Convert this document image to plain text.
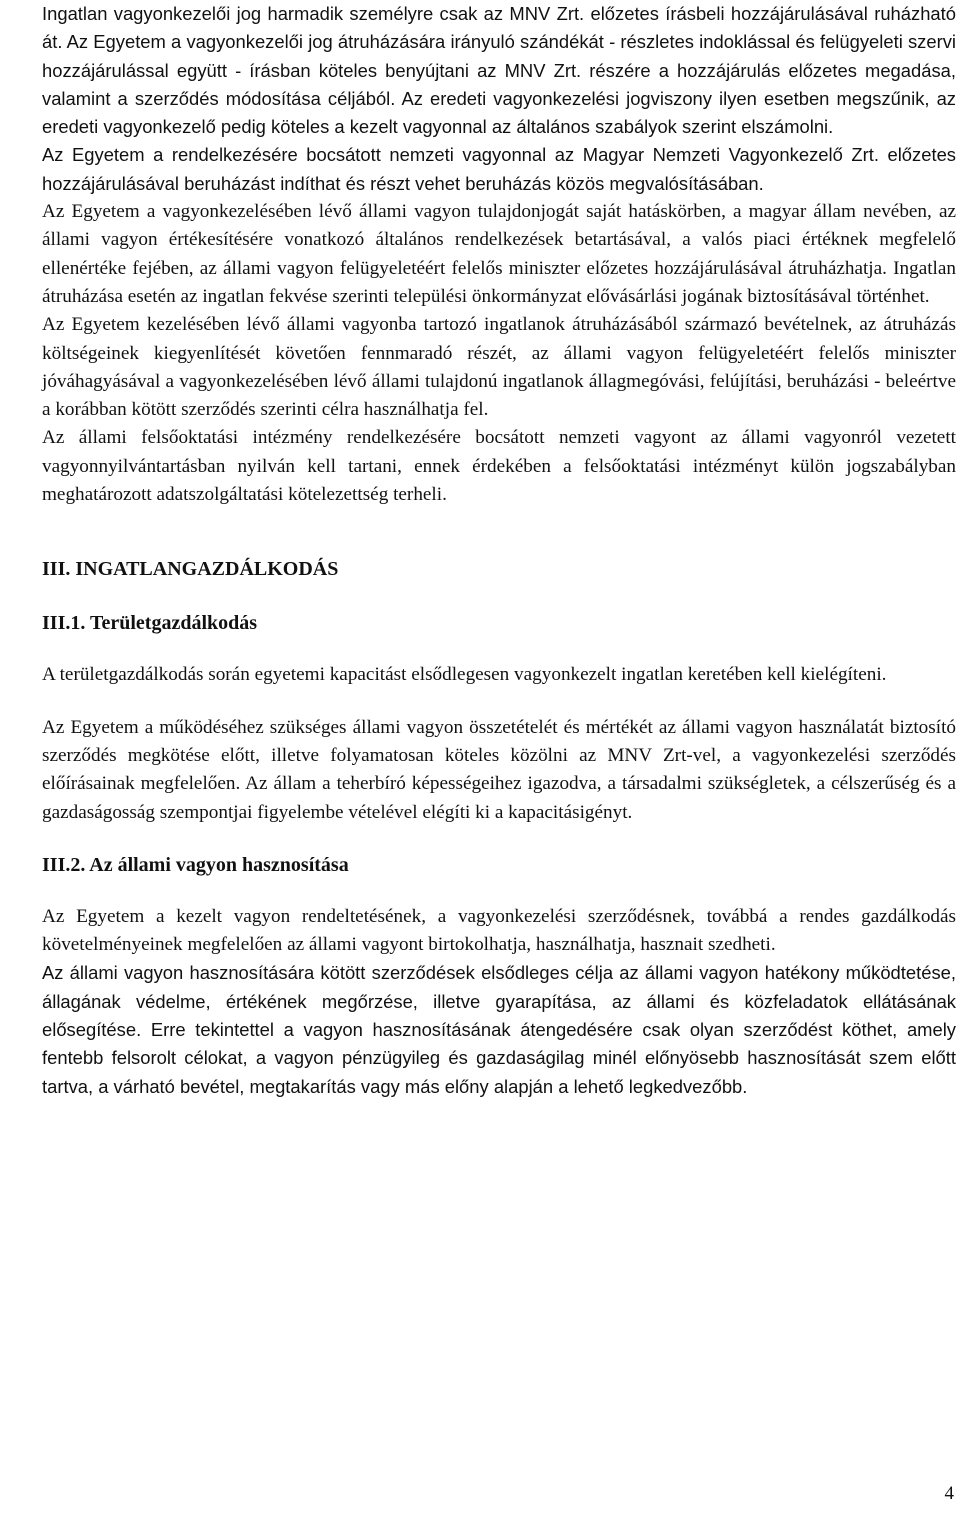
Ingatlan vagyonkezelői jog harmadik személyre csak az MNV Zrt. előzetes írásbeli hozzájárulásával ruházható át. Az Egyetem a vagyonkezelői jog átruházására irányuló szándékát - részletes indoklással és felügyeleti szervi hozzájárulással együtt - írásban köteles benyújtani az MNV Zrt. részére a hozzájárulás előzetes megadása, valamint a szerződés módosítása céljából. Az eredeti vagyonkezelési jogviszony ilyen esetben megszűnik, az eredeti vagyonkezelő pedig köteles a kezelt vagyonnal az általános szabályok szerint elszámolni.

Az Egyetem a rendelkezésére bocsátott nemzeti vagyonnal az Magyar Nemzeti Vagyonkezelő Zrt. előzetes hozzájárulásával beruházást indíthat és részt vehet beruházás közös megvalósításában.

Az Egyetem a vagyonkezelésében lévő állami vagyon tulajdonjogát saját hatáskörben, a magyar állam nevében, az állami vagyon értékesítésére vonatkozó általános rendelkezések betartásával, a valós piaci értéknek megfelelő ellenértéke fejében, az állami vagyon felügyeletéért felelős miniszter előzetes hozzájárulásával átruházhatja. Ingatlan átruházása esetén az ingatlan fekvése szerinti települési önkormányzat elővásárlási jogának biztosításával történhet.

Az Egyetem kezelésében lévő állami vagyonba tartozó ingatlanok átruházásából származó bevételnek, az átruházás költségeinek kiegyenlítését követően fennmaradó részét, az állami vagyon felügyeletéért felelős miniszter jóváhagyásával a vagyonkezelésében lévő állami tulajdonú ingatlanok állagmegóvási, felújítási, beruházási - beleértve a korábban kötött szerződés szerinti célra használhatja fel.

Az állami felsőoktatási intézmény rendelkezésére bocsátott nemzeti vagyont az állami vagyonról vezetett vagyonnyilvántartásban nyilván kell tartani, ennek érdekében a felsőoktatási intézményt külön jogszabályban meghatározott adatszolgáltatási kötelezettség terheli.

III. INGATLANGAZDÁLKODÁS
III.1. Területgazdálkodás

A területgazdálkodás során egyetemi kapacitást elsődlegesen vagyonkezelt ingatlan keretében kell kielégíteni.

Az Egyetem a működéséhez szükséges állami vagyon összetételét és mértékét az állami vagyon használatát biztosító szerződés megkötése előtt, illetve folyamatosan köteles közölni az MNV Zrt-vel, a vagyonkezelési szerződés előírásainak megfelelően. Az állam a teherbíró képességeihez igazodva, a társadalmi szükségletek, a célszerűség és a gazdaságosság szempontjai figyelembe vételével elégíti ki a kapacitásigényt.

III.2. Az állami vagyon hasznosítása

Az Egyetem a kezelt vagyon rendeltetésének, a vagyonkezelési szerződésnek, továbbá a rendes gazdálkodás követelményeinek megfelelően az állami vagyont birtokolhatja, használhatja, hasznait szedheti.

Az állami vagyon hasznosítására kötött szerződések elsődleges célja az állami vagyon hatékony működtetése, állagának védelme, értékének megőrzése, illetve gyarapítása, az állami és közfeladatok ellátásának elősegítése. Erre tekintettel a vagyon hasznosításának átengedésére csak olyan szerződést köthet, amely fentebb felsorolt célokat, a vagyon pénzügyileg és gazdaságilag minél előnyösebb hasznosítását szem előtt tartva, a várható bevétel, megtakarítás vagy más előny alapján a lehető legkedvezőbb.

4
